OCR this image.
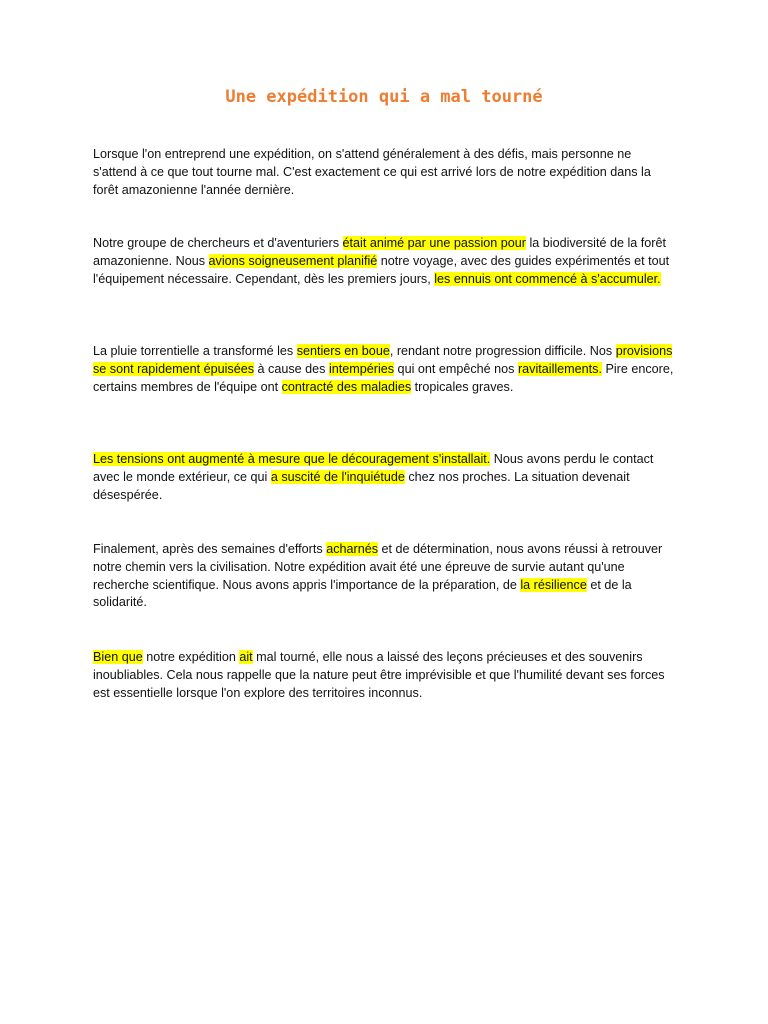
Une expédition qui a mal tourné

Lorsque l'on entreprend une expédition, on s'attend généralement à des défis, mais personne ne s'attend à ce que tout tourne mal. C'est exactement ce qui est arrivé lors de notre expédition dans la forêt amazonienne l'année dernière.

Notre groupe de chercheurs et d'aventuriers était animé par une passion pour la biodiversité de la forêt amazonienne. Nous avions soigneusement planifié notre voyage, avec des guides expérimentés et tout l'équipement nécessaire. Cependant, dès les premiers jours, les ennuis ont commencé à s'accumuler.

La pluie torrentielle a transformé les sentiers en boue, rendant notre progression difficile. Nos provisions se sont rapidement épuisées à cause des intempéries qui ont empêché nos ravitaillements. Pire encore, certains membres de l'équipe ont contracté des maladies tropicales graves.

Les tensions ont augmenté à mesure que le découragement s'installait. Nous avons perdu le contact avec le monde extérieur, ce qui a suscité de l'inquiétude chez nos proches. La situation devenait désespérée.

Finalement, après des semaines d'efforts acharnés et de détermination, nous avons réussi à retrouver notre chemin vers la civilisation. Notre expédition avait été une épreuve de survie autant qu'une recherche scientifique. Nous avons appris l'importance de la préparation, de la résilience et de la solidarité.

Bien que notre expédition ait mal tourné, elle nous a laissé des leçons précieuses et des souvenirs inoubliables. Cela nous rappelle que la nature peut être imprévisible et que l'humilité devant ses forces est essentielle lorsque l'on explore des territoires inconnus.
